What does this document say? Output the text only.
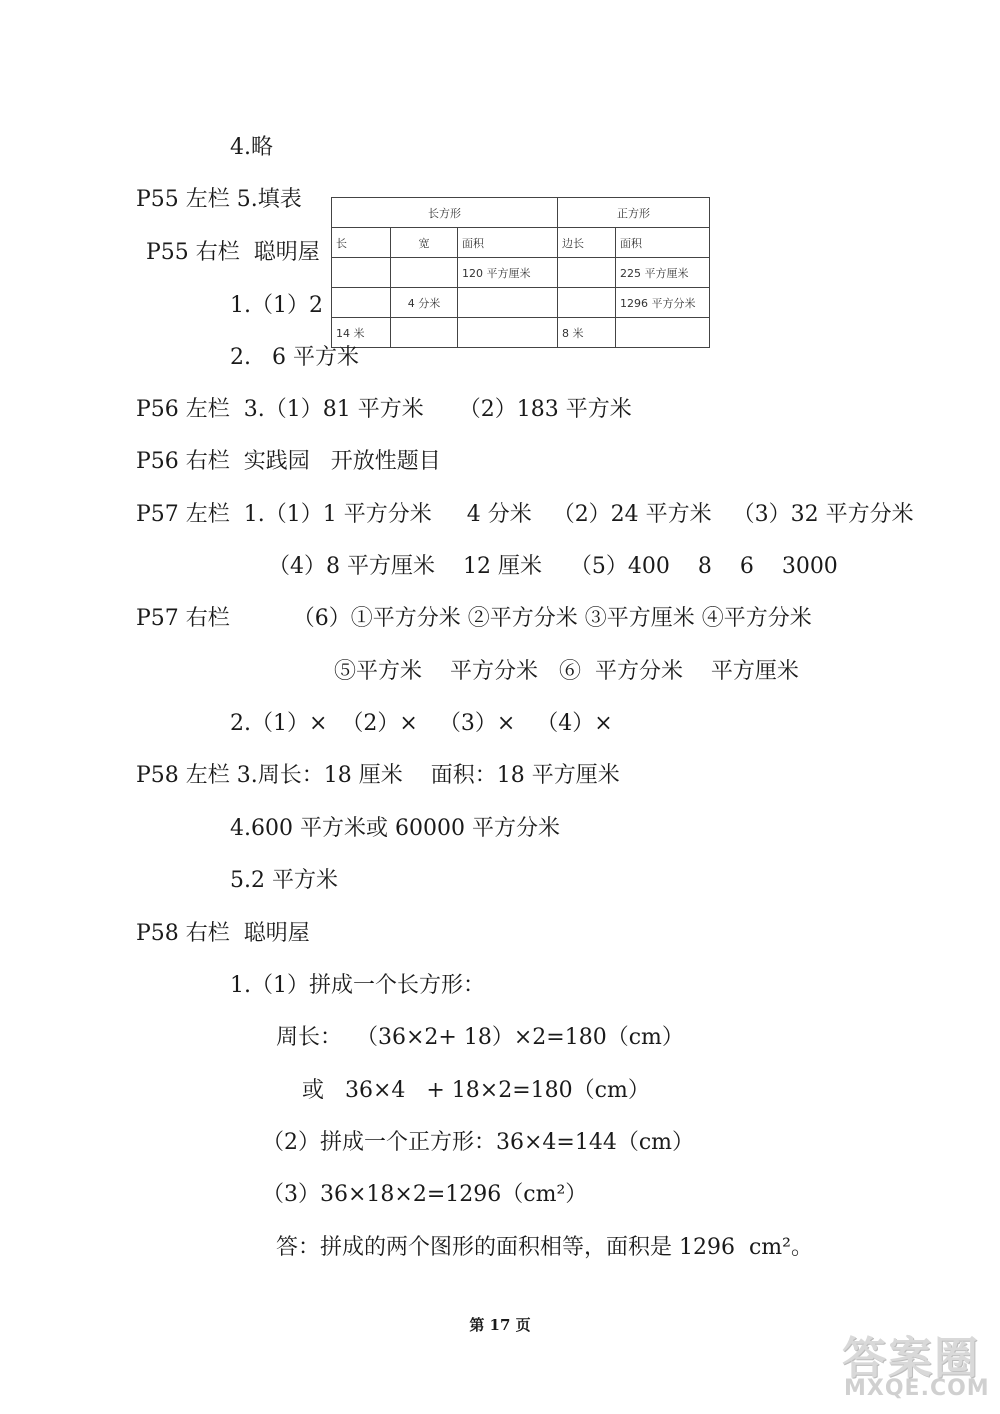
4.略
P55 左栏 5.填表
长方形			正方形	
长	宽	面积	边长	面积
		120 平方厘米		225 平方厘米
	4 分米			1296 平方分米
14 米			8 米	
P55 右栏  聪明屋
1.（1）2
2.   6 平方米
P56 左栏  3.（1）81 平方米     （2）183 平方米
P56 右栏  实践园   开放性题目
P57 左栏  1.（1）1 平方分米     4 分米   （2）24 平方米   （3）32 平方分米
（4）8 平方厘米    12 厘米    （5）400    8    6    3000
P57 右栏         （6）①平方分米 ②平方分米 ③平方厘米 ④平方分米
⑤平方米    平方分米   ⑥  平方分米    平方厘米
2.（1）×  （2）×   （3）×   （4）×
P58 左栏 3.周长：18 厘米    面积：18 平方厘米
4.600 平方米或 60000 平方分米
5.2 平方米
P58 右栏  聪明屋
1.（1）拼成一个长方形：
周长：  （36×2+ 18）×2=180（cm）
或   36×4   + 18×2=180（cm）
（2）拼成一个正方形：36×4=144（cm）
（3）36×18×2=1296（cm²）
答：拼成的两个图形的面积相等，面积是 1296  cm²。
第 17 页
答案圈
MXQE.COM
